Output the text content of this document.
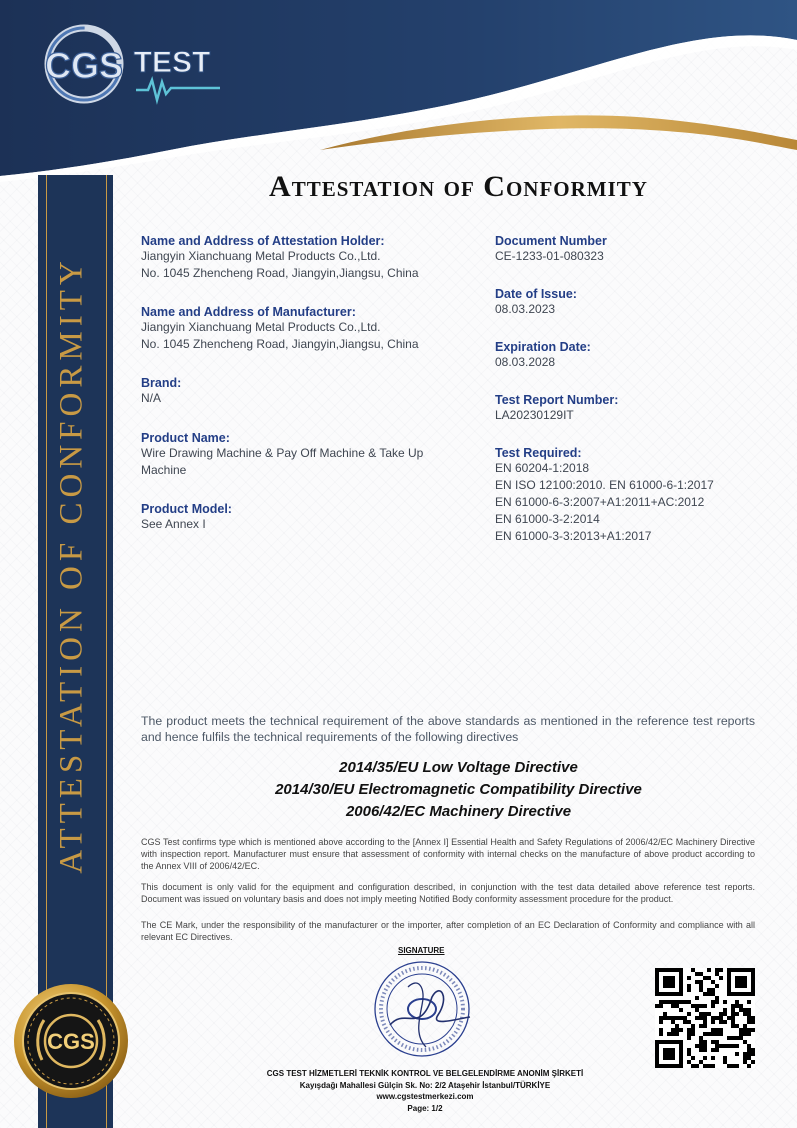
ATTESTATION OF CONFORMITY
CGS TEST
Attestation of Conformity
Name and Address of Attestation Holder:
Jiangyin Xianchuang Metal Products Co.,Ltd.
No. 1045 Zhencheng Road, Jiangyin,Jiangsu, China
Name and Address of Manufacturer:
Jiangyin Xianchuang Metal Products Co.,Ltd.
No. 1045 Zhencheng Road, Jiangyin,Jiangsu, China
Brand:
N/A
Product Name:
Wire Drawing Machine & Pay Off Machine & Take Up
Machine
Product Model:
See Annex I
Document Number
CE-1233-01-080323
Date of Issue:
08.03.2023
Expiration Date:
08.03.2028
Test Report Number:
LA20230129IT
Test Required:
EN 60204-1:2018
EN ISO 12100:2010. EN 61000-6-1:2017
EN 61000-6-3:2007+A1:2011+AC:2012
EN 61000-3-2:2014
EN 61000-3-3:2013+A1:2017
The product meets the technical requirement of the above standards as mentioned in the reference test reports and hence fulfils the technical requirements of the following directives
2014/35/EU Low Voltage Directive
2014/30/EU Electromagnetic Compatibility Directive
2006/42/EC Machinery Directive
CGS Test confirms type which is mentioned above according to the [Annex I] Essential Health and Safety Regulations of 2006/42/EC Machinery Directive with inspection report. Manufacturer must ensure that assessment of conformity with internal checks on the manufacture of above product according to the Annex VIII of 2006/42/EC.
This document is only valid for the equipment and configuration described, in conjunction with the test data detailed above reference test reports. Document was issued on voluntary basis and does not imply meeting Notified Body conformity assessment procedure for the product.
The CE Mark, under the responsibility of the manufacturer or the importer, after completion of an EC Declaration of Conformity and compliance with all relevant EC Directives.
SIGNATURE
CGS TEST HİZMETLERİ TEKNİK KONTROL VE BELGELENDİRME ANONİM ŞİRKETİ
Kayışdağı Mahallesi Gülçin Sk. No: 2/2 Ataşehir İstanbul/TÜRKİYE
www.cgstestmerkezi.com
Page: 1/2
CGS
